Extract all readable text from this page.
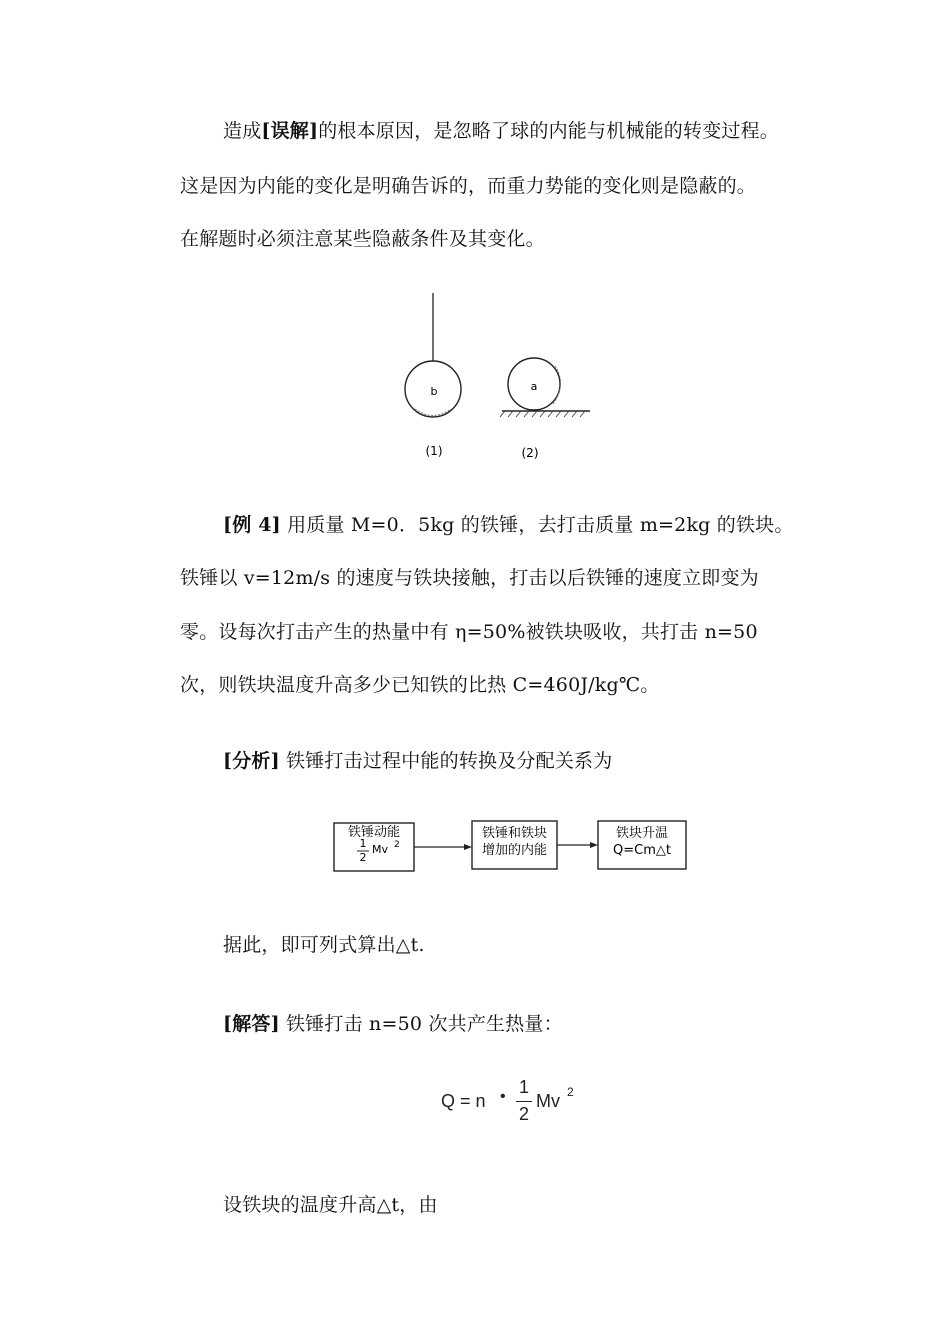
造成[误解]的根本原因，是忽略了球的内能与机械能的转变过程。
这是因为内能的变化是明确告诉的，而重力势能的变化则是隐蔽的。
在解题时必须注意某些隐蔽条件及其变化。
b	a
(1)	(2)
[例 4] 用质量 M=0．5kg 的铁锤，去打击质量 m=2kg 的铁块。
铁锤以 v=12m/s 的速度与铁块接触，打击以后铁锤的速度立即变为
零。设每次打击产生的热量中有 η=50%被铁块吸收，共打击 n=50
次，则铁块温度升高多少已知铁的比热 C=460J/kg℃。
[分析] 铁锤打击过程中能的转换及分配关系为
铁锤动能
1
2
Mv 2
铁锤和铁块
增加的内能
铁块升温
Q=Cm△t
据此，即可列式算出△t.
[解答] 铁锤打击 n=50 次共产生热量：
Q = n • 1
2
Mv 2
设铁块的温度升高△t，由
